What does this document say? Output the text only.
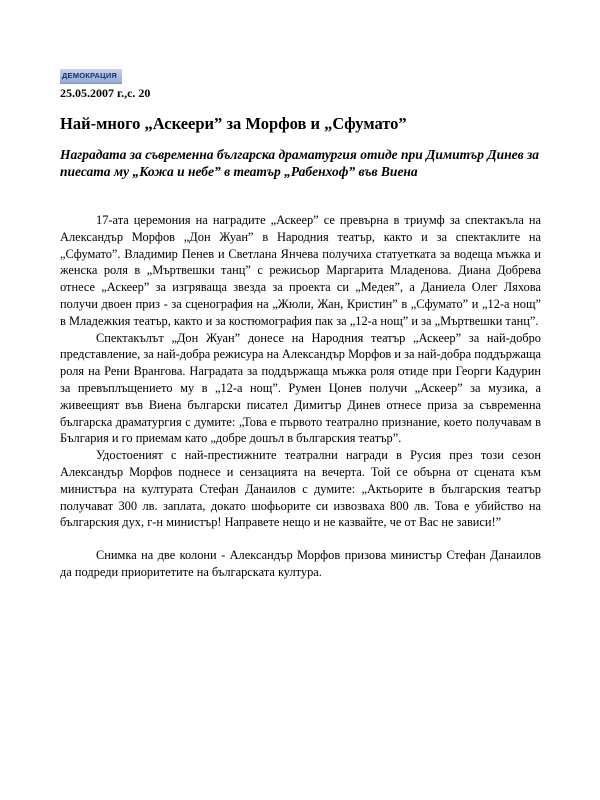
ДЕМОКРАЦИЯ
25.05.2007 г.,с. 20
Най-много „Аскеери” за Морфов и „Сфумато”

Наградата за съвременна българска драматургия отиде при Димитър Динев за пиесата му „Кожа и небе” в театър „Рабенхоф” във Виена

17-ата церемония на наградите „Аскеер” се превърна в триумф за спектакъла на Александър Морфов „Дон Жуан” в Народния театър, както и за спектаклите на „Сфумато”. Владимир Пенев и Светлана Янчева получиха статуетката за водеща мъжка и женска роля в „Мъртвешки танц” с режисьор Маргарита Младенова. Диана Добрева отнесе „Аскеер” за изгряваща звезда за проекта си „Медея”, а Даниела Олег Ляхова получи двоен приз - за сценография на „Жюли, Жан, Кристин” в „Сфумато” и „12-а нощ” в Младежкия театър, както и за костюмография пак за „12-а нощ” и за „Мъртвешки танц”.

Спектакълът „Дон Жуан” донесе на Народния театър „Аскеер” за най-добро представление, за най-добра режисура на Александър Морфов и за най-добра поддържаща роля на Рени Врангова. Наградата за поддържаща мъжка роля отиде при Георги Кадурин за превъплъщението му в „12-а нощ”. Румен Цонев получи „Аскеер” за музика, а живеещият във Виена български писател Димитър Динев отнесе приза за съвременна българска драматургия с думите: „Това е първото театрално признание, което получавам в България и го приемам като „добре дошъл в българския театър”.

Удостоеният с най-престижните театрални награди в Русия през този сезон Александър Морфов поднесе и сензацията на вечерта. Той се обърна от сцената към министъра на културата Стефан Данаилов с думите: „Актьорите в българския театър получават 300 лв. заплата, докато шофьорите си извозваха 800 лв. Това е убийство на българския дух, г-н министър! Направете нещо и не казвайте, че от Вас не зависи!”

Снимка на две колони - Александър Морфов призова министър Стефан Данаилов да подреди приоритетите на българската култура.
